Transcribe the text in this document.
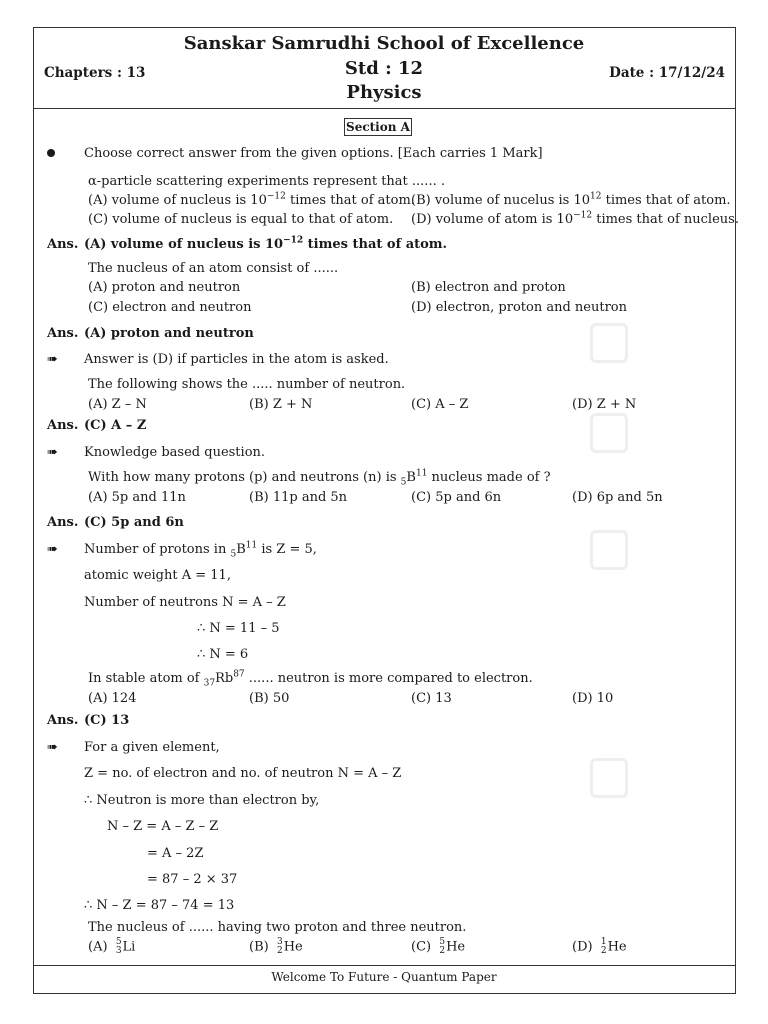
Sanskar Samrudhi School of Excellence
Std : 12
Physics
Chapters : 13	Date : 17/12/24
Section A
Choose correct answer from the given options. [Each carries 1 Mark]
α-particle scattering experiments represent that ...... .
(A) volume of nucleus is $10^{-12}$ times that of atom.
(B) volume of nucelus is $10^{12}$ times that of atom.
(C) volume of nucleus is equal to that of atom. (D) volume of atom is $10^{-12}$ times that of nucleus.
Ans. (A) volume of nucleus is $10^{-12}$ times that of atom.
The nucleus of an atom consist of ......
(A) proton and neutron	(B) electron and proton
(C) electron and neutron	(D) electron, proton and neutron
Ans. (A) proton and neutron
➠ Answer is (D) if particles in the atom is asked.
The following shows the ..... number of neutron.
(A) Z – N	(B) Z + N	(C) A – Z	(D) Z + N
Ans. (C) A – Z
➠ Knowledge based question.
With how many protons (p) and neutrons (n) is $_5B^{11}$ nucleus made of ?
(A) 5p and 11n	(B) 11p and 5n	(C) 5p and 6n	(D) 6p and 5n
Ans. (C) 5p and 6n
➠ Number of protons in $_5B^{11}$ is Z = 5,
atomic weight A = 11,
Number of neutrons N = A – Z
∴ N = 11 – 5
∴ N = 6
In stable atom of $_{37}Rb^{87}$ ...... neutron is more compared to electron.
(A) 124	(B) 50	(C) 13	(D) 10
Ans. (C) 13
➠ For a given element,
Z = no. of electron and no. of neutron N = A – Z
∴ Neutron is more than electron by,
N – Z = A – Z – Z
= A – 2Z
= 87 – 2 × 37
∴ N – Z = 87 – 74 = 13
The nucleus of ...... having two proton and three neutron.
(A) 5
3 Li	(B) 3
2 He	(C) 5
2 He	(D) 1
2 He
Welcome To Future - Quantum Paper
